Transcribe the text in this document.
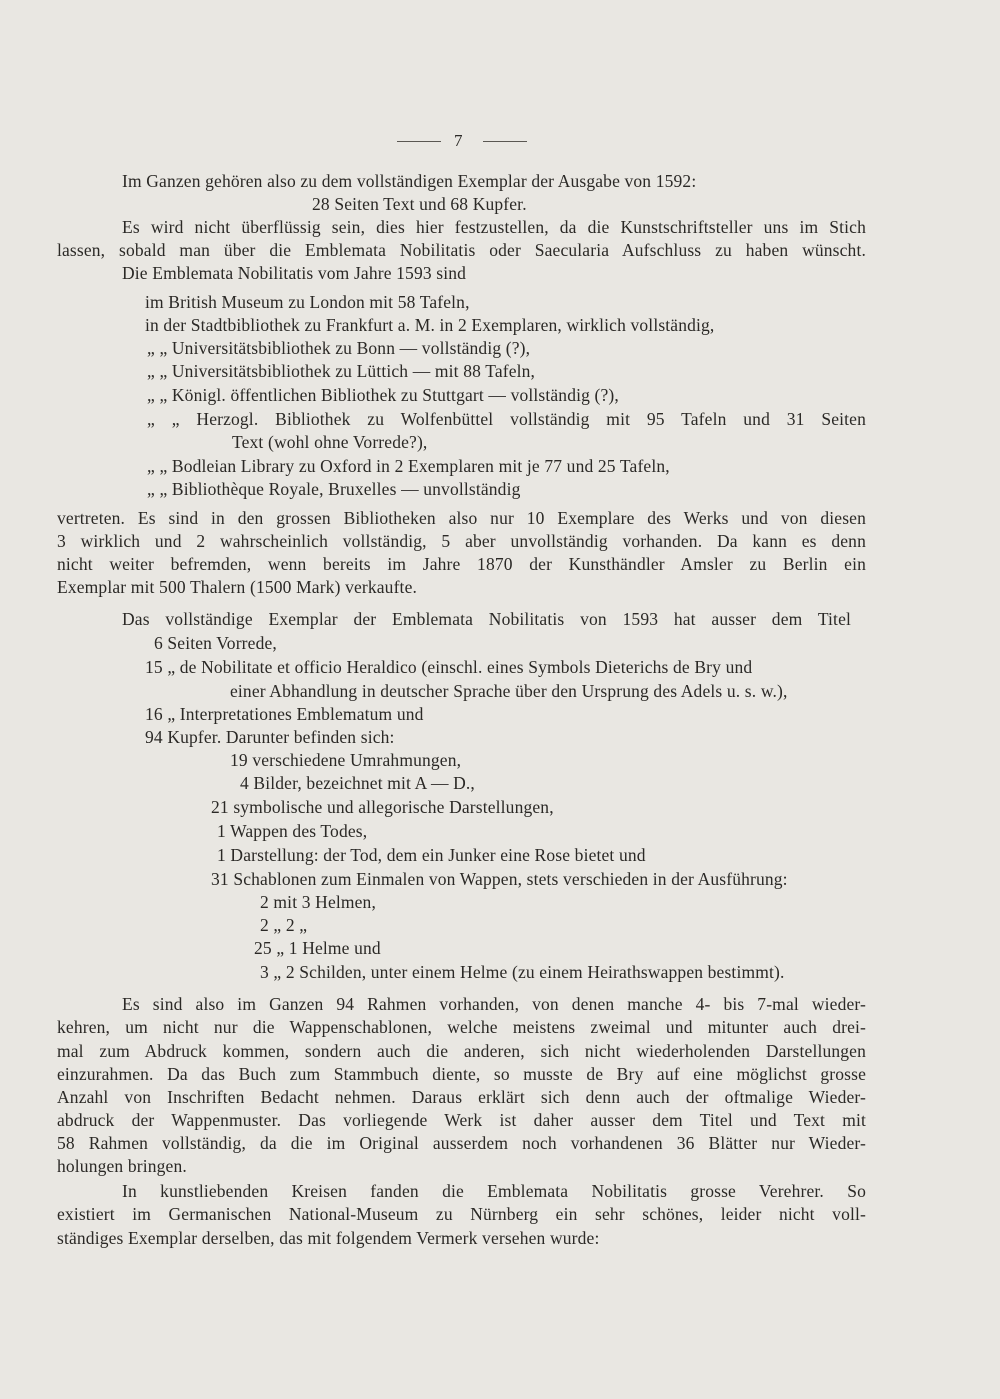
7
Im Ganzen gehören also zu dem vollständigen Exemplar der Ausgabe von 1592:
28 Seiten Text und 68 Kupfer.
Es wird nicht überflüssig sein, dies hier festzustellen, da die Kunstschriftsteller uns im Stich
lassen, sobald man über die Emblemata Nobilitatis oder Saecularia Aufschluss zu haben wünscht.
Die Emblemata Nobilitatis vom Jahre 1593 sind
im British Museum zu London mit 58 Tafeln,
in der Stadtbibliothek zu Frankfurt a. M. in 2 Exemplaren, wirklich vollständig,
„ „ Universitätsbibliothek zu Bonn — vollständig (?),
„ „ Universitätsbibliothek zu Lüttich — mit 88 Tafeln,
„ „ Königl. öffentlichen Bibliothek zu Stuttgart — vollständig (?),
„ „ Herzogl. Bibliothek zu Wolfenbüttel vollständig mit 95 Tafeln und 31 Seiten
Text (wohl ohne Vorrede?),
„ „ Bodleian Library zu Oxford in 2 Exemplaren mit je 77 und 25 Tafeln,
„ „ Bibliothèque Royale, Bruxelles — unvollständig
vertreten. Es sind in den grossen Bibliotheken also nur 10 Exemplare des Werks und von diesen
3 wirklich und 2 wahrscheinlich vollständig, 5 aber unvollständig vorhanden. Da kann es denn
nicht weiter befremden, wenn bereits im Jahre 1870 der Kunsthändler Amsler zu Berlin ein
Exemplar mit 500 Thalern (1500 Mark) verkaufte.
Das vollständige Exemplar der Emblemata Nobilitatis von 1593 hat ausser dem Titel
6 Seiten Vorrede,
15 „ de Nobilitate et officio Heraldico (einschl. eines Symbols Dieterichs de Bry und
einer Abhandlung in deutscher Sprache über den Ursprung des Adels u. s. w.),
16 „ Interpretationes Emblematum und
94 Kupfer. Darunter befinden sich:
19 verschiedene Umrahmungen,
4 Bilder, bezeichnet mit A — D.,
21 symbolische und allegorische Darstellungen,
1 Wappen des Todes,
1 Darstellung: der Tod, dem ein Junker eine Rose bietet und
31 Schablonen zum Einmalen von Wappen, stets verschieden in der Ausführung:
2 mit 3 Helmen,
2 „ 2 „
25 „ 1 Helme und
3 „ 2 Schilden, unter einem Helme (zu einem Heirathswappen bestimmt).
Es sind also im Ganzen 94 Rahmen vorhanden, von denen manche 4- bis 7-mal wieder-
kehren, um nicht nur die Wappenschablonen, welche meistens zweimal und mitunter auch drei-
mal zum Abdruck kommen, sondern auch die anderen, sich nicht wiederholenden Darstellungen
einzurahmen. Da das Buch zum Stammbuch diente, so musste de Bry auf eine möglichst grosse
Anzahl von Inschriften Bedacht nehmen. Daraus erklärt sich denn auch der oftmalige Wieder-
abdruck der Wappenmuster. Das vorliegende Werk ist daher ausser dem Titel und Text mit
58 Rahmen vollständig, da die im Original ausserdem noch vorhandenen 36 Blätter nur Wieder-
holungen bringen.
In kunstliebenden Kreisen fanden die Emblemata Nobilitatis grosse Verehrer. So
existiert im Germanischen National-Museum zu Nürnberg ein sehr schönes, leider nicht voll-
ständiges Exemplar derselben, das mit folgendem Vermerk versehen wurde:
